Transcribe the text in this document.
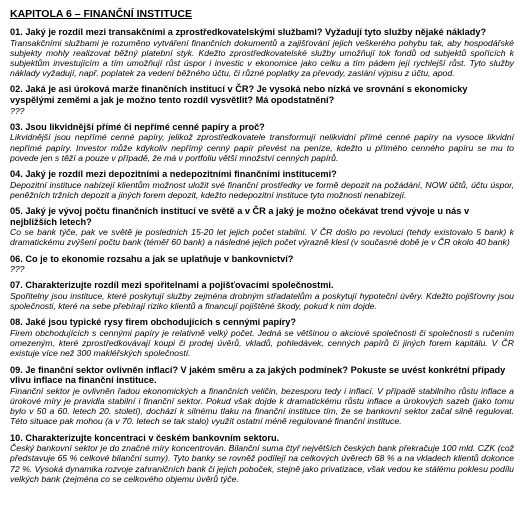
KAPITOLA 6 – FINANČNÍ INSTITUCE

01. Jaký je rozdíl mezi transakčními a zprostředkovatelskými službami? Vyžadují tyto služby nějaké náklady?

Transakčními službami je rozuměno vytváření finančních dokumentů a zajišťování jejich veškerého pohybu tak, aby hospodářské subjekty mohly realizovat běžný platební styk. Kdežto zprostředkovatelské služby umožňují tok fondů od subjektů spořících k subjektům investujícím a tím umožňují růst úspor i investic v ekonomice jako celku a tím pádem její rychlejší růst. Tyto služby náklady vyžadují, např. poplatek za vedení běžného účtu, či různé poplatky za převody, zaslání výpisu z účtu, apod.

02. Jaká je asi úroková marže finančních institucí v ČR? Je vysoká nebo nízká ve srovnání s ekonomicky vyspělými zeměmi a jak je možno tento rozdíl vysvětlit? Má opodstatnění?

???

03. Jsou likvidnější přímé či nepřímé cenné papíry a proč?

Likvidnější jsou nepřímé cenné papíry, jelikož zprostředkovatele transformují nelikvidní přímé cenné papíry na vysoce likvidní nepřímé papíry. Investor může kdykoliv nepřímý cenný papír převést na peníze, kdežto u přímého cenného papíru se mu to povede jen s těží a pouze v případě, že má v portfoliu větší množství cenných papírů.

04. Jaký je rozdíl mezi depozitními a nedepozitními finančními institucemi?

Depozitní instituce nabízejí klientům možnost uložit své finanční prostředky ve formě depozit na požádání, NOW účtů, účtu úspor, peněžních tržních depozit a jiných forem depozit, kdežto nedepozitní instituce tyto možnosti nenabízejí.

05. Jaký je vývoj počtu finančních institucí ve světě a v ČR a jaký je možno očekávat trend vývoje u nás v nejbližších letech?

Co se bank týče, pak ve světě je posledních 15-20 let jejich počet stabilní. V ČR došlo po revoluci (tehdy existovalo 5 bank) k dramatickému zvýšení počtu bank (téměř 60 bank) a následné jejich počet výrazně klesl (v současné době je v ČR okolo 40 bank)

06. Co je to ekonomie rozsahu a jak se uplatňuje v bankovnictví?

???

07. Charakterizujte rozdíl mezi spořitelnami a pojišťovacími společnostmi.

Spořitelny jsou instituce, které poskytují služby zejména drobným střadatelům a poskytují hypoteční úvěry. Kdežto pojišťovny jsou společnosti, které na sebe přebírají riziko klientů a financují pojištěné škody, pokud k nim dojde.

08. Jaké jsou typické rysy firem obchodujících s cennými papíry?

Firem obchodujících s cennými papíry je relativně velký počet. Jedná se většinou o akciové společnosti či společnosti s ručením omezeným, které zprostředkovávají koupi či prodej úvěrů, vkladů, pohledávek, cenných papírů či jiných forem kapitálu. V ČR existuje více než 300 makléřských společností.

09. Je finanční sektor ovlivněn inflací? V jakém směru a za jakých podmínek? Pokuste se uvést konkrétní případy vlivu inflace na finanční instituce.

Finanční sektor je ovlivněn řadou ekonomických a finančních veličin, bezesporu tedy i inflací. V případě stabilního růstu inflace a úrokové míry je pravidla stabilní i finanční sektor. Pokud však dojde k dramatickému růstu inflace a úrokových sazeb (jako tomu bylo v 50 a 60. letech 20. století), dochází k silnému tlaku na finanční instituce tím, že se bankovní sektor začal silně regulovat. Této situace pak mohou (a v 70. letech se tak stalo) využít ostatní méně regulované finanční instituce.

10. Charakterizujte koncentraci v českém bankovním sektoru.

Český bankovní sektor je do značné míry koncentrován. Bilanční suma čtyř největších českých bank překračuje 100 mld. CZK (což představuje 65 % celkové bilanční sumy). Tyto banky se rovněž podílejí na celkových úvěrech 68 % a na vkladech klientů dokonce 72 %. Vysoká dynamika rozvoje zahraničních bank či jejich poboček, stejně jako privatizace, však vedou ke stálému poklesu podílu velkých bank (zejména co se celkového objemu úvěrů týče.
